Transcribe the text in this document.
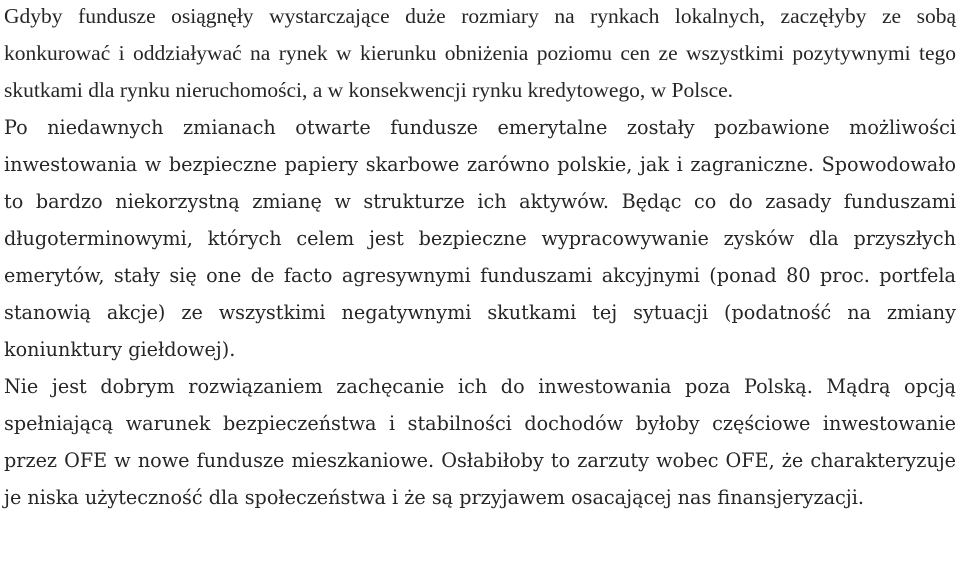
Gdyby fundusze osiągnęły wystarczające duże rozmiary na rynkach lokalnych, zaczęłyby ze sobą konkurować i oddziaływać na rynek w kierunku obniżenia poziomu cen ze wszystkimi pozytywnymi tego skutkami dla rynku nieruchomości, a w konsekwencji rynku kredytowego, w Polsce.

Po niedawnych zmianach otwarte fundusze emerytalne zostały pozbawione możliwości inwestowania w bezpieczne papiery skarbowe zarówno polskie, jak i zagraniczne. Spowodowało to bardzo niekorzystną zmianę w strukturze ich aktywów. Będąc co do zasady funduszami długoterminowymi, których celem jest bezpieczne wypracowywanie zysków dla przyszłych emerytów, stały się one de facto agresywnymi funduszami akcyjnymi (ponad 80 proc. portfela stanowią akcje) ze wszystkimi negatywnymi skutkami tej sytuacji (podatność na zmiany koniunktury giełdowej).

Nie jest dobrym rozwiązaniem zachęcanie ich do inwestowania poza Polską. Mądrą opcją spełniającą warunek bezpieczeństwa i stabilności dochodów byłoby częściowe inwestowanie przez OFE w nowe fundusze mieszkaniowe. Osłabiłoby to zarzuty wobec OFE, że charakteryzuje je niska użyteczność dla społeczeństwa i że są przyjawem osacającej nas finansjeryzacji.
